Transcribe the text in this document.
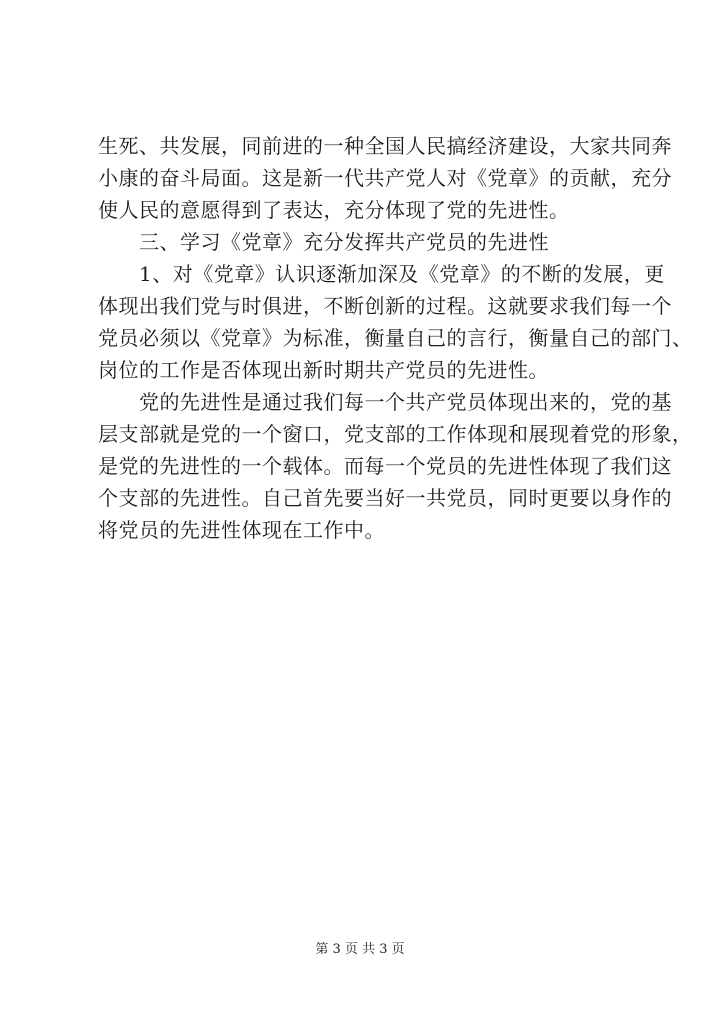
生死、共发展，同前进的一种全国人民搞经济建设，大家共同奔
小康的奋斗局面。这是新一代共产党人对《党章》的贡献，充分
使人民的意愿得到了表达，充分体现了党的先进性。
　　三、学习《党章》充分发挥共产党员的先进性
　　1、对《党章》认识逐渐加深及《党章》的不断的发展，更
体现出我们党与时俱进，不断创新的过程。这就要求我们每一个
党员必须以《党章》为标准，衡量自己的言行，衡量自己的部门、
岗位的工作是否体现出新时期共产党员的先进性。
　　党的先进性是通过我们每一个共产党员体现出来的，党的基
层支部就是党的一个窗口，党支部的工作体现和展现着党的形象，
是党的先进性的一个载体。而每一个党员的先进性体现了我们这
个支部的先进性。自己首先要当好一共党员，同时更要以身作的
将党员的先进性体现在工作中。
第 3 页 共 3 页
